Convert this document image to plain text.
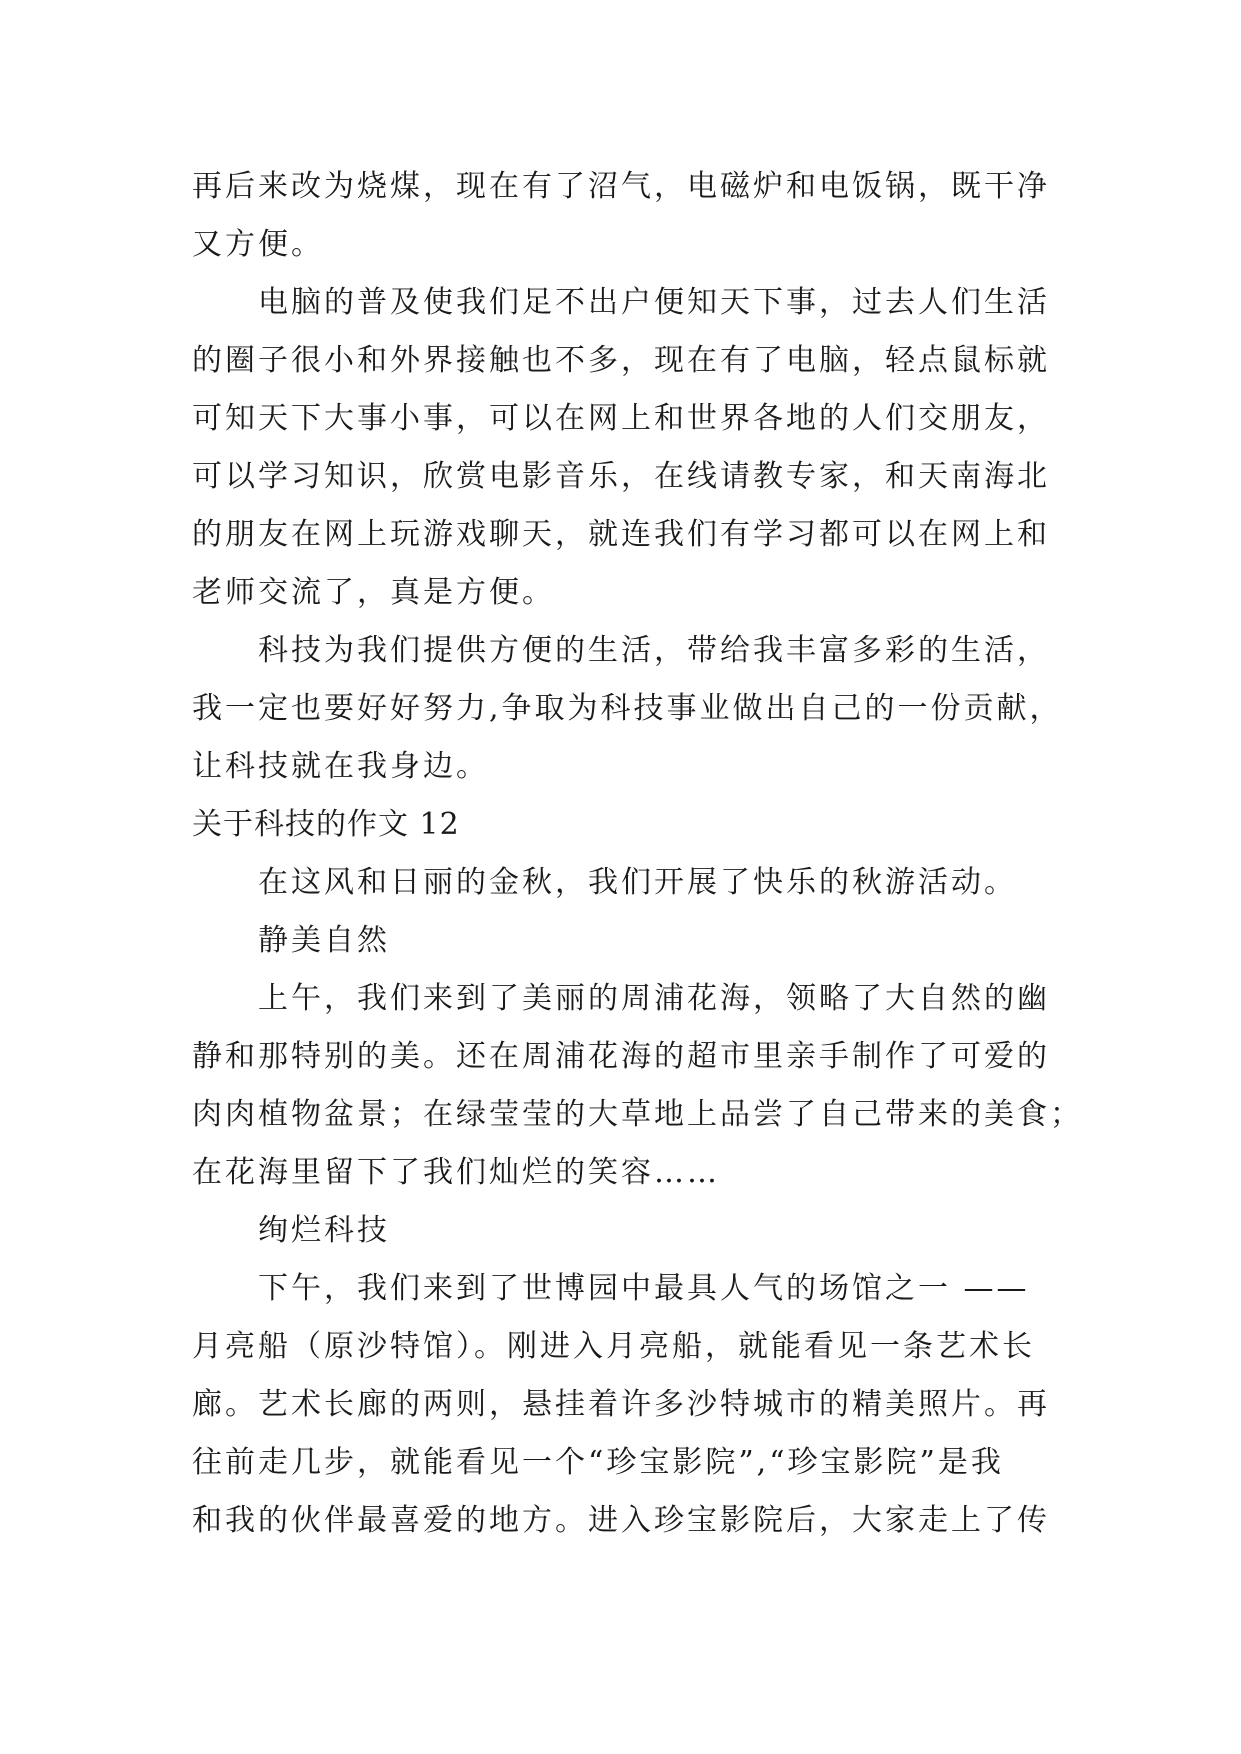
再后来改为烧煤，现在有了沼气，电磁炉和电饭锅，既干净

又方便。

电脑的普及使我们足不出户便知天下事，过去人们生活

的圈子很小和外界接触也不多，现在有了电脑，轻点鼠标就

可知天下大事小事，可以在网上和世界各地的人们交朋友，

可以学习知识，欣赏电影音乐，在线请教专家，和天南海北

的朋友在网上玩游戏聊天，就连我们有学习都可以在网上和

老师交流了，真是方便。

科技为我们提供方便的生活，带给我丰富多彩的生活，

我一定也要好好努力,争取为科技事业做出自己的一份贡献，

让科技就在我身边。

关于科技的作文 12

在这风和日丽的金秋，我们开展了快乐的秋游活动。

静美自然

上午，我们来到了美丽的周浦花海，领略了大自然的幽

静和那特别的美。还在周浦花海的超市里亲手制作了可爱的

肉肉植物盆景；在绿莹莹的大草地上品尝了自己带来的美食；

在花海里留下了我们灿烂的笑容……

绚烂科技

下午，我们来到了世博园中最具人气的场馆之一 ——

月亮船（原沙特馆）。刚进入月亮船，就能看见一条艺术长

廊。艺术长廊的两则，悬挂着许多沙特城市的精美照片。再

往前走几步，就能看见一个“珍宝影院”,“珍宝影院”是我

和我的伙伴最喜爱的地方。进入珍宝影院后，大家走上了传
